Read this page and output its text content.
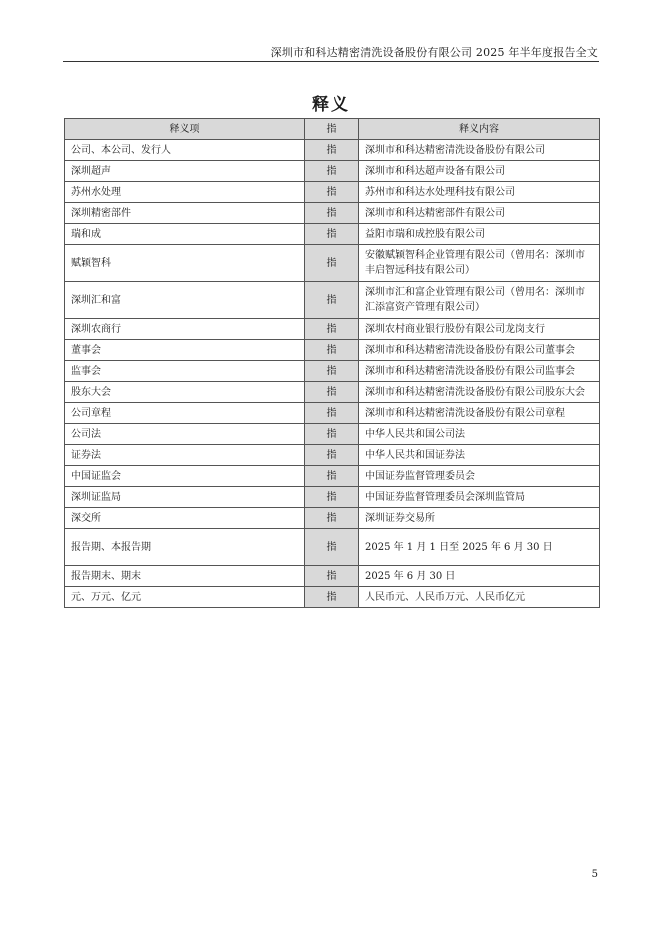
深圳市和科达精密清洗设备股份有限公司 2025 年半年度报告全文
释义
释义项	指	释义内容
公司、本公司、发行人	指	深圳市和科达精密清洗设备股份有限公司
深圳超声	指	深圳市和科达超声设备有限公司
苏州水处理	指	苏州市和科达水处理科技有限公司
深圳精密部件	指	深圳市和科达精密部件有限公司
瑞和成	指	益阳市瑞和成控股有限公司
赋颖智科	指	安徽赋颖智科企业管理有限公司（曾用名：深圳市丰启智远科技有限公司）
深圳汇和富	指	深圳市汇和富企业管理有限公司（曾用名：深圳市汇添富资产管理有限公司）
深圳农商行	指	深圳农村商业银行股份有限公司龙岗支行
董事会	指	深圳市和科达精密清洗设备股份有限公司董事会
监事会	指	深圳市和科达精密清洗设备股份有限公司监事会
股东大会	指	深圳市和科达精密清洗设备股份有限公司股东大会
公司章程	指	深圳市和科达精密清洗设备股份有限公司章程
公司法	指	中华人民共和国公司法
证券法	指	中华人民共和国证券法
中国证监会	指	中国证券监督管理委员会
深圳证监局	指	中国证券监督管理委员会深圳监管局
深交所	指	深圳证券交易所
报告期、本报告期	指	2025 年 1 月 1 日至 2025 年 6 月 30 日
报告期末、期末	指	2025 年 6 月 30 日
元、万元、亿元	指	人民币元、人民币万元、人民币亿元
5
